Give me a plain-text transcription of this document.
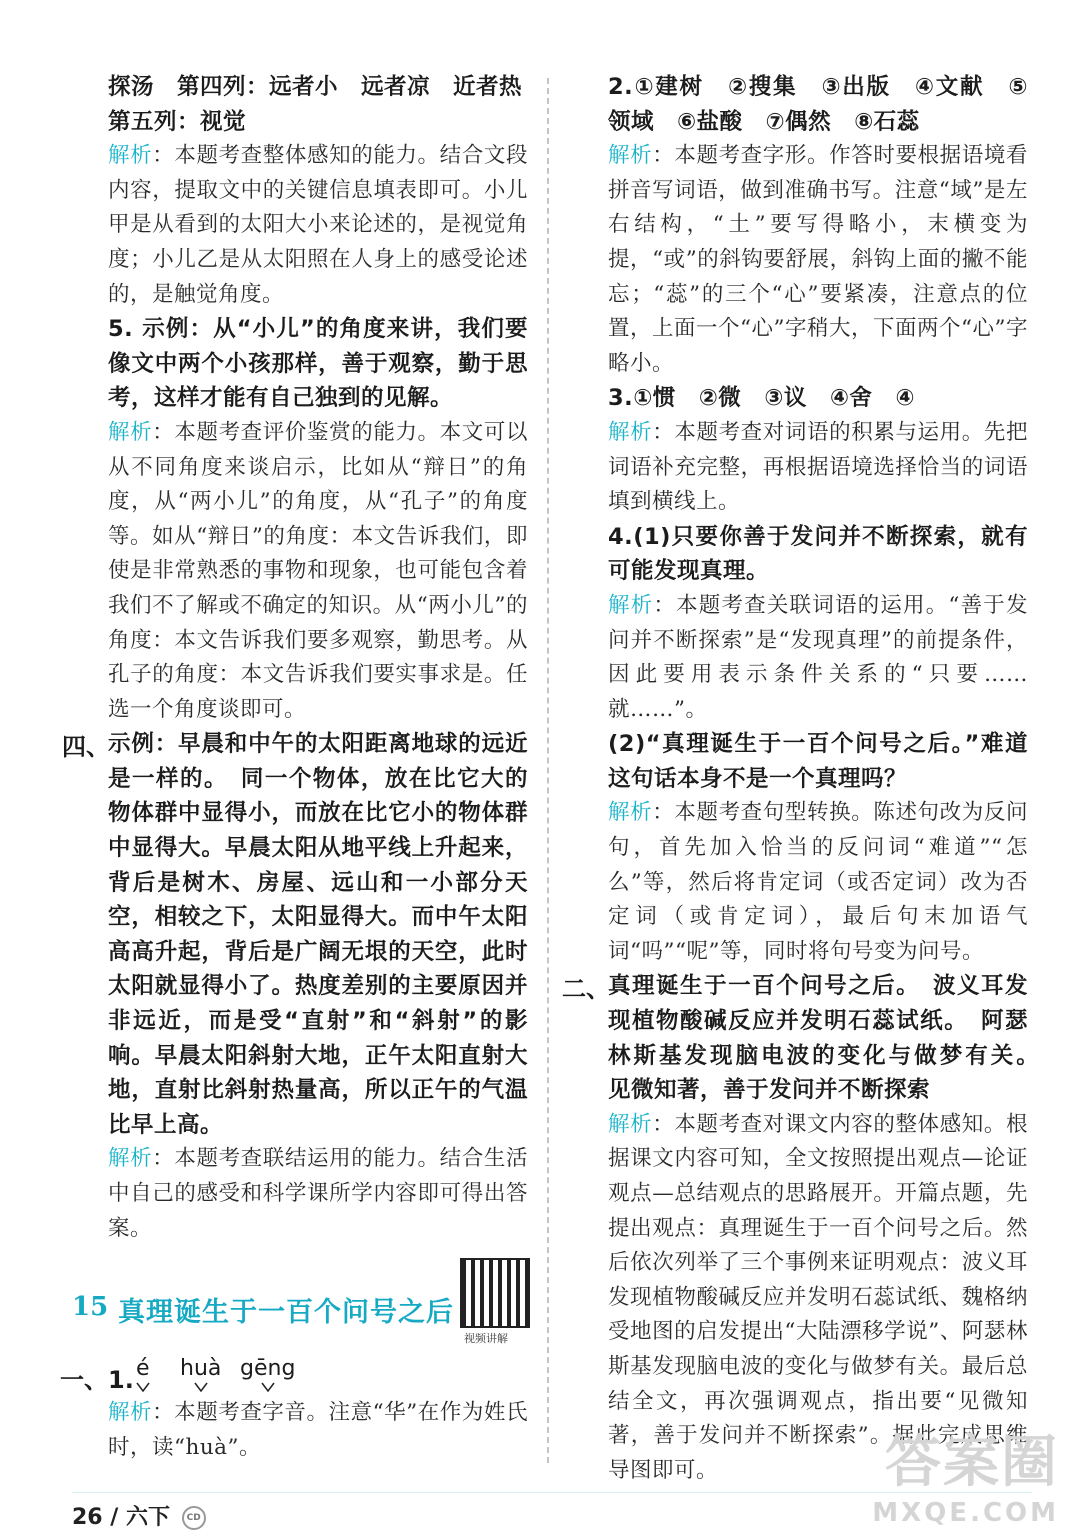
探汤　第四列：远者小　远者凉　近者热

第五列：视觉

解析：本题考查整体感知的能力。结合文段内容，提取文中的关键信息填表即可。小儿甲是从看到的太阳大小来论述的，是视觉角度；小儿乙是从太阳照在人身上的感受论述的，是触觉角度。

5. 示例：从“小儿”的角度来讲，我们要像文中两个小孩那样，善于观察，勤于思考，这样才能有自己独到的见解。

解析：本题考查评价鉴赏的能力。本文可以从不同角度来谈启示，比如从“辩日”的角度，从“两小儿”的角度，从“孔子”的角度等。如从“辩日”的角度：本文告诉我们，即使是非常熟悉的事物和现象，也可能包含着我们不了解或不确定的知识。从“两小儿”的角度：本文告诉我们要多观察，勤思考。从孔子的角度：本文告诉我们要实事求是。任选一个角度谈即可。

四、

示例：早晨和中午的太阳距离地球的远近是一样的。　同一个物体，放在比它大的物体群中显得小，而放在比它小的物体群中显得大。早晨太阳从地平线上升起来，背后是树木、房屋、远山和一小部分天空，相较之下，太阳显得大。而中午太阳高高升起，背后是广阔无垠的天空，此时太阳就显得小了。热度差别的主要原因并非远近，而是受“直射”和“斜射”的影响。早晨太阳斜射大地，正午太阳直射大地，直射比斜射热量高，所以正午的气温比早上高。

解析：本题考查联结运用的能力。结合生活中自己的感受和科学课所学内容即可得出答案。

15 真理诞生于一百个问号之后
视频讲解
一、1. é huà gēng

解析：本题考查字音。注意“华”在作为姓氏时，读“huà”。

2.①建树　②搜集　③出版　④文献　⑤领域　⑥盐酸　⑦偶然　⑧石蕊

解析：本题考查字形。作答时要根据语境看拼音写词语，做到准确书写。注意“域”是左右结构，“土”要写得略小，末横变为提，“或”的斜钩要舒展，斜钩上面的撇不能忘；“蕊”的三个“心”要紧凑，注意点的位置，上面一个“心”字稍大，下面两个“心”字略小。

3.①惯　②微　③议　④舍　④

解析：本题考查对词语的积累与运用。先把词语补充完整，再根据语境选择恰当的词语填到横线上。

4.(1)只要你善于发问并不断探索，就有可能发现真理。

解析：本题考查关联词语的运用。“善于发问并不断探索”是“发现真理”的前提条件，因此要用表示条件关系的“只要……就……”。

(2)“真理诞生于一百个问号之后。”难道这句话本身不是一个真理吗？

解析：本题考查句型转换。陈述句改为反问句，首先加入恰当的反问词“难道”“怎么”等，然后将肯定词（或否定词）改为否定词（或肯定词），最后句末加语气词“吗”“呢”等，同时将句号变为问号。

二、

真理诞生于一百个问号之后。　波义耳发现植物酸碱反应并发明石蕊试纸。　阿瑟林斯基发现脑电波的变化与做梦有关。　见微知著，善于发问并不断探索

解析：本题考查对课文内容的整体感知。根据课文内容可知，全文按照提出观点—论证观点—总结观点的思路展开。开篇点题，先提出观点：真理诞生于一百个问号之后。然后依次列举了三个事例来证明观点：波义耳发现植物酸碱反应并发明石蕊试纸、魏格纳受地图的启发提出“大陆漂移学说”、阿瑟林斯基发现脑电波的变化与做梦有关。最后总结全文，再次强调观点，指出要“见微知著，善于发问并不断探索”。据此完成思维导图即可。

26 / 六下 CD
答案圈
MXQE.COM
